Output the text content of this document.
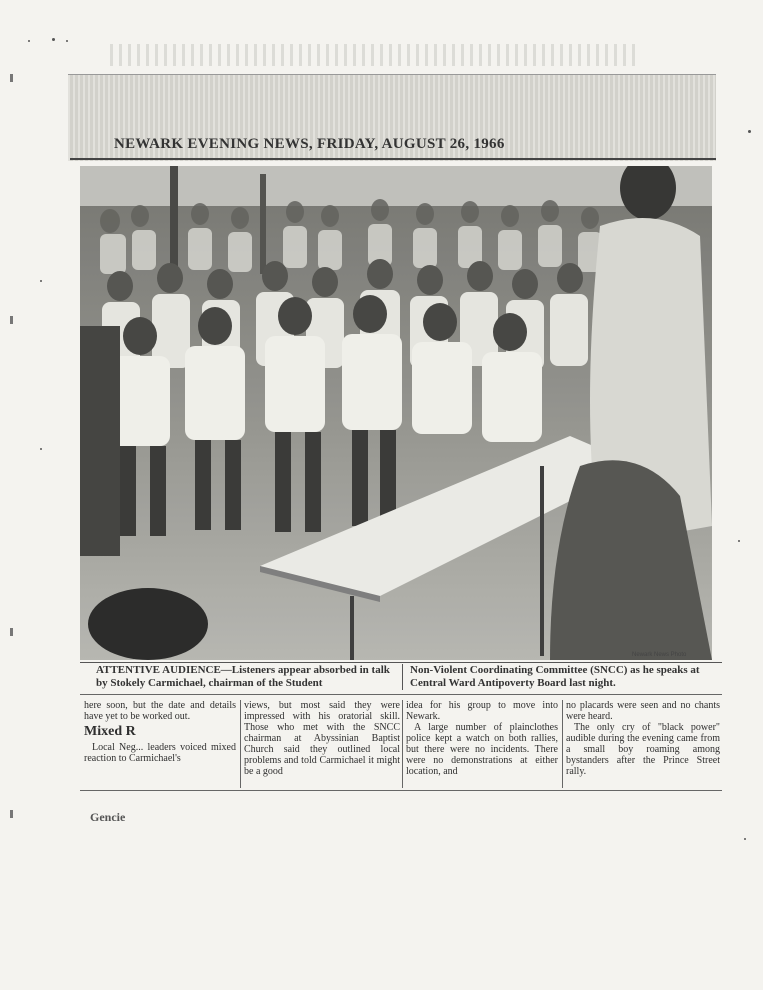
NEWARK EVENING NEWS, FRIDAY, AUGUST 26, 1966
Newark News Photo

ATTENTIVE AUDIENCE—Listeners appear absorbed in talk by Stokely Carmichael, chairman of the Student

Non-Violent Coordinating Committee (SNCC) as he speaks at Central Ward Antipoverty Board last night.

here soon, but the date and details have yet to be worked out.

Mixed R

Local Neg... leaders voiced mixed reaction to Carmichael's

views, but most said they were impressed with his oratorial skill. Those who met with the SNCC chairman at Abyssinian Baptist Church said they outlined local problems and told Carmichael it might be a good

idea for his group to move into Newark.

A large number of plainclothes police kept a watch on both rallies, but there were no incidents. There were no demonstrations at either location, and

no placards were seen and no chants were heard.

The only cry of "black power" audible during the evening came from a small boy roaming among bystanders after the Prince Street rally.

Gencie
